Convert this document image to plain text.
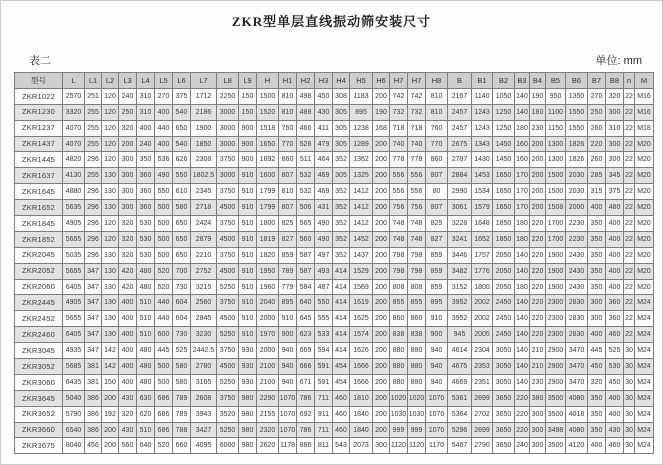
ZKR型单层直线振动筛安装尺寸
表二	单位: mm
型号	L	L1	L2	L3	L4	L5	L6	L7	L8	L9	H	H1	H2	H3	H4	H5	H6	H7	H7	H8	B	B1	B2	B3	B4	B5	B6	B7	B8	n	M
ZKR1022	2570	251	120	240	310	270	375	1712	2250	150	1500	810	498	450	308	1183	200	742	742	810	2167	1140	1050	140	190	950	1350	270	320	22	M16
ZKR1230	3320	255	120	250	310	400	540	2186	3000	150	1520	810	488	430	305	895	190	732	732	810	2457	1243	1250	140	180	1100	1550	250	300	22	M16
ZKR1237	4070	255	120	320	400	440	650	1900	3000	900	1518	760	466	411	305	1238	168	718	718	760	2457	1243	1250	180	230	1150	1550	260	310	22	M18
ZKR1437	4070	255	120	200	240	400	540	1850	3000	900	1650	770	526	479	305	1289	200	740	740	770	2675	1343	1450	160	200	1300	1826	220	300	22	M20
ZKR1445	4820	296	120	300	350	536	626	2308	3750	900	1692	860	511	464	352	1362	200	778	778	860	2787	1430	1450	160	200	1300	1826	260	300	22	M20
ZKR1637	4130	255	130	300	360	490	550	1802.5	3000	910	1600	807	532	469	305	1325	200	556	556	807	2884	1453	1650	170	200	1500	2030	285	345	22	M20
ZKR1645	4880	296	130	300	360	550	610	2345	3750	910	1799	810	532	469	352	1412	200	556	556	80	2990	1534	1650	170	200	1500	2030	315	375	22	M20
ZKR1652	5635	296	130	300	360	500	580	2718	4500	910	1799	807	506	431	352	1412	200	756	756	807	3061	1579	1650	170	200	1508	2000	400	480	22	M20
ZKR1845	4905	296	120	320	530	500	650	2424	3750	910	1800	825	565	490	352	1412	200	748	748	825	3228	1648	1850	180	220	1700	2230	350	400	22	M20
ZKR1852	5655	296	120	320	530	500	650	2879	4500	910	1819	827	560	490	352	1452	200	748	748	827	3241	1652	1850	180	220	1700	2230	350	400	22	M20
ZKR2045	5035	296	130	320	530	500	650	2210	3750	910	1820	859	587	497	352	1437	200	798	798	859	3446	1757	2050	140	220	1900	2430	350	400	22	M20
ZKR2052	5655	347	130	420	480	520	700	2752	4500	910	1950	789	587	493	414	1529	200	798	798	859	3482	1776	2050	140	220	1900	2430	350	400	22	M20
ZKR2060	6405	347	130	420	480	520	730	3215	5250	910	1960	779	584	487	414	1569	200	808	808	859	3152	1800	2050	180	220	1900	2430	350	400	22	M20
ZKR2445	4905	347	130	400	510	440	604	2560	3750	910	2040	895	640	550	414	1619	200	855	855	895	3952	2002	2450	140	220	2300	2830	300	360	22	M24
ZKR2452	5655	347	130	400	510	440	604	2845	4500	910	2000	910	645	555	414	1625	200	860	860	910	3952	2002	2450	140	220	2300	2830	300	360	22	M24
ZKR2460	6405	347	130	400	510	600	730	3230	5250	910	1970	900	623	533	414	1574	200	838	838	900	945	2005	2450	140	220	2300	2830	400	460	22	M24
ZKR3045	4935	347	142	400	480	445	525	2442.5	3750	930	2000	940	669	594	414	1626	200	880	880	940	4614	2304	3050	140	210	2900	3470	445	525	30	M24
ZKR3052	5685	381	142	400	480	500	580	2780	4500	930	2100	940	666	591	454	1666	200	880	880	940	4675	2353	3050	140	210	2900	3470	450	530	30	M24
ZKR3060	6435	381	150	400	480	500	580	3165	5250	930	2100	940	671	591	454	1666	200	880	880	940	4669	2351	3050	140	230	2900	3470	320	450	30	M24
ZKR3645	5040	386	200	430	630	686	789	2608	3750	980	2290	1070	786	711	460	1810	200	1020	1020	1070	5361	2699	3650	220	380	3500	4080	350	400	30	M24
ZKR3652	5790	386	192	320	620	686	789	3943	3520	980	2155	1070	692	911	460	1840	200	1030	1030	1070	5364	2702	3650	220	300	3500	4018	350	400	30	M24
ZKR3660	6540	386	200	430	510	686	788	3427	5250	980	2320	1070	786	711	460	1840	200	999	999	1070	5296	2699	3650	220	300	3498	4080	350	430	30	M24
ZKR3675	8040	456	200	560	640	520	660	4095	6000	980	2620	1178	886	811	543	2073	300	1120	1120	1170	5467	2790	3650	240	300	3500	4120	400	460	30	M24
